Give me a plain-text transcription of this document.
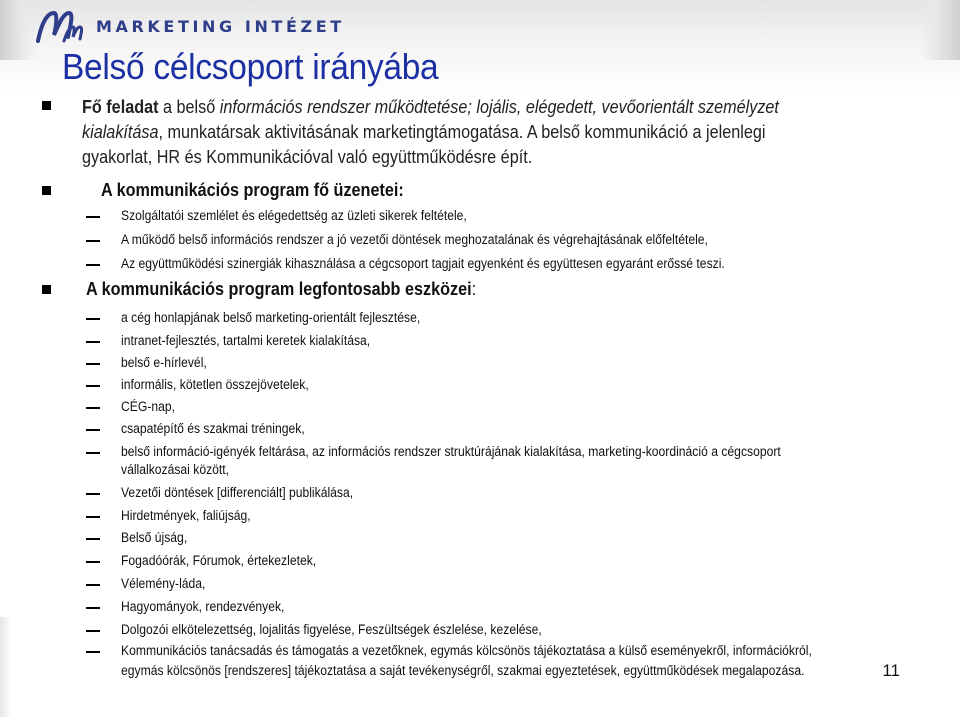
Mm
MARKETING INTÉZET
Belső célcsoport irányába
Fő feladat a belső információs rendszer működtetése; lojális, elégedett, vevőorientált személyzet
kialakítása, munkatársak aktivitásának marketingtámogatása. A belső kommunikáció a jelenlegi
gyakorlat, HR és Kommunikációval való együttműködésre épít.
A kommunikációs program fő üzenetei:
Szolgáltatói szemlélet és elégedettség az üzleti sikerek feltétele,
A működő belső információs rendszer a jó vezetői döntések meghozatalának és végrehajtásának előfeltétele,
Az együttműködési szinergiák kihasználása a cégcsoport tagjait egyenként és együttesen egyaránt erőssé teszi.
A kommunikációs program legfontosabb eszközei:
a cég honlapjának belső marketing-orientált fejlesztése,
intranet-fejlesztés, tartalmi keretek kialakítása,
belső e-hírlevél,
informális, kötetlen összejövetelek,
CÉG-nap,
csapatépítő és szakmai tréningek,
belső információ-igényék feltárása, az információs rendszer struktúrájának kialakítása, marketing-koordináció a cégcsoport
vállalkozásai között,
Vezetői döntések [differenciált] publikálása,
Hirdetmények, faliújság,
Belső újság,
Fogadóórák, Fórumok, értekezletek,
Vélemény-láda,
Hagyományok, rendezvények,
Dolgozói elkötelezettség, lojalitás figyelése, Feszültségek észlelése, kezelése,
Kommunikációs tanácsadás és támogatás a vezetőknek, egymás kölcsönös tájékoztatása a külső eseményekről, információkról,
egymás kölcsönös [rendszeres] tájékoztatása a saját tevékenységről, szakmai egyeztetések, együttműködések megalapozása.	11
